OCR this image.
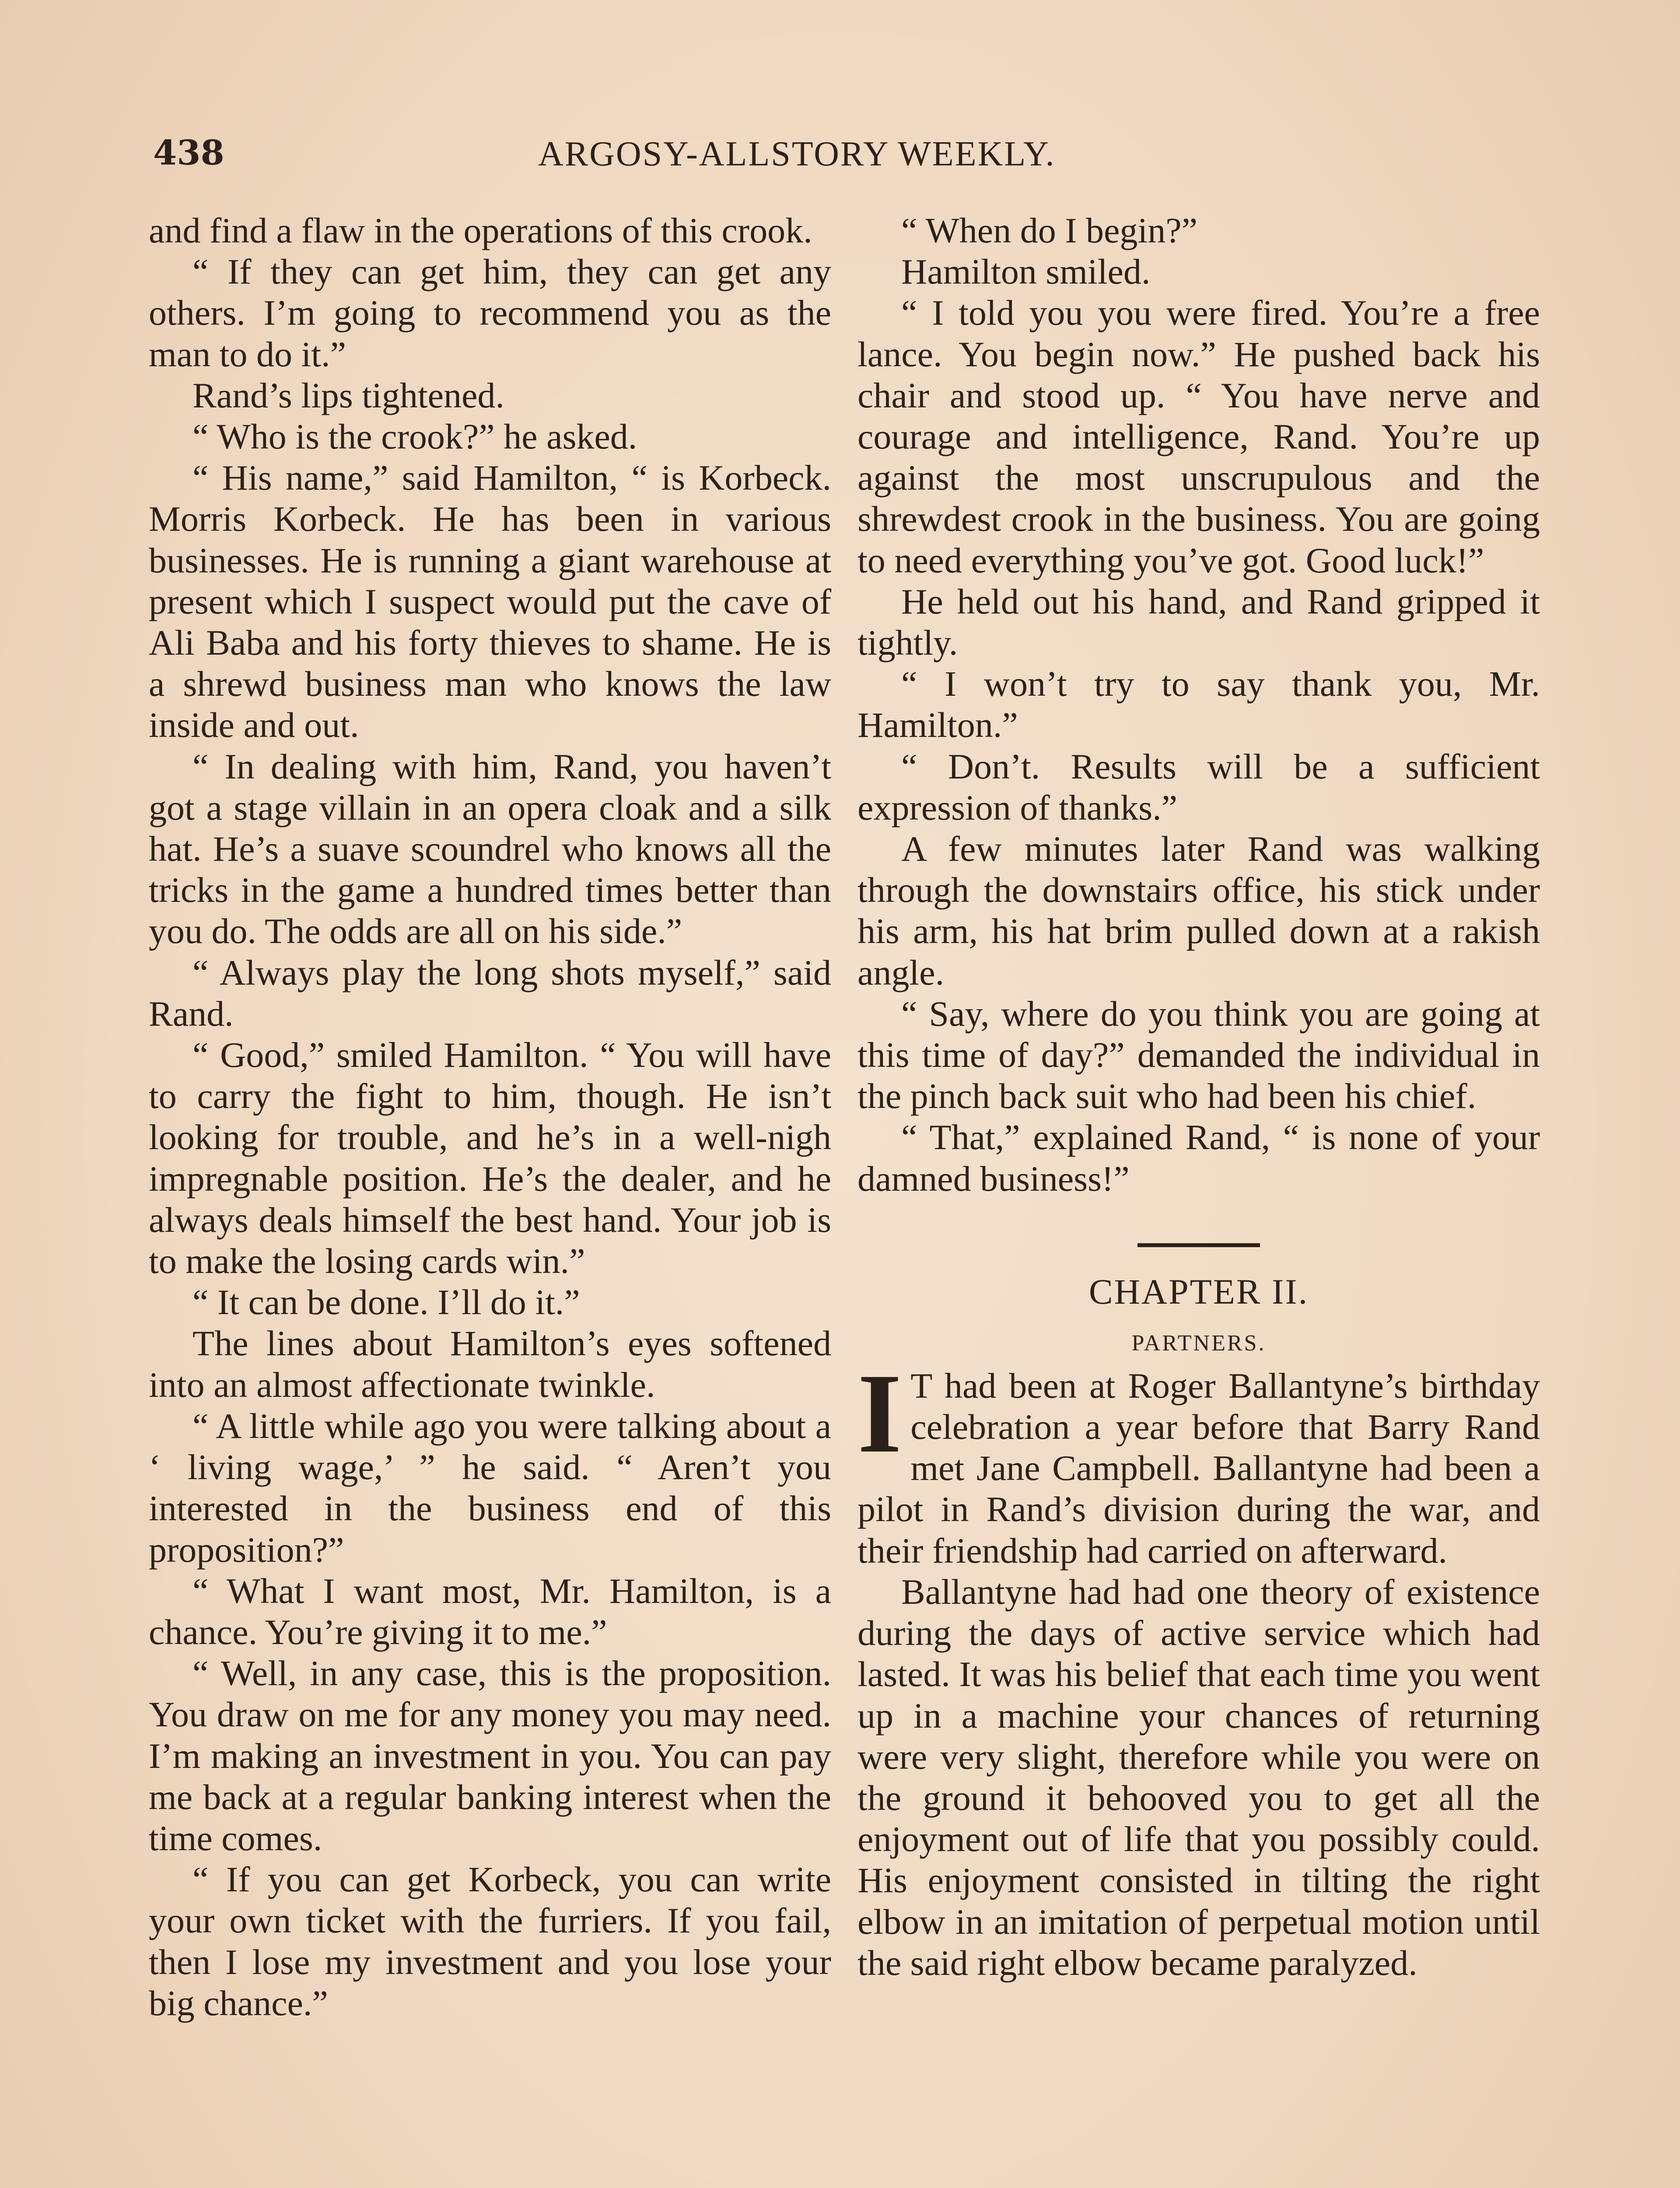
438	ARGOSY-ALLSTORY WEEKLY.

and find a flaw in the operations of this crook.

“ If they can get him, they can get any others. I’m going to recommend you as the man to do it.”

Rand’s lips tightened.

“ Who is the crook?” he asked.

“ His name,” said Hamilton, “ is Korbeck. Morris Korbeck. He has been in various businesses. He is running a giant warehouse at present which I suspect would put the cave of Ali Baba and his forty thieves to shame. He is a shrewd business man who knows the law inside and out.

“ In dealing with him, Rand, you haven’t got a stage villain in an opera cloak and a silk hat. He’s a suave scoundrel who knows all the tricks in the game a hundred times better than you do. The odds are all on his side.”

“ Always play the long shots myself,” said Rand.

“ Good,” smiled Hamilton. “ You will have to carry the fight to him, though. He isn’t looking for trouble, and he’s in a well-nigh impregnable position. He’s the dealer, and he always deals himself the best hand. Your job is to make the losing cards win.”

“ It can be done. I’ll do it.”

The lines about Hamilton’s eyes softened into an almost affectionate twinkle.

“ A little while ago you were talking about a ‘ living wage,’ ” he said. “ Aren’t you interested in the business end of this proposition?”

“ What I want most, Mr. Hamilton, is a chance. You’re giving it to me.”

“ Well, in any case, this is the proposition. You draw on me for any money you may need. I’m making an investment in you. You can pay me back at a regular banking interest when the time comes.

“ If you can get Korbeck, you can write your own ticket with the furriers. If you fail, then I lose my investment and you lose your big chance.”

“ When do I begin?”

Hamilton smiled.

“ I told you you were fired. You’re a free lance. You begin now.” He pushed back his chair and stood up. “ You have nerve and courage and intelligence, Rand. You’re up against the most unscrupulous and the shrewdest crook in the business. You are going to need everything you’ve got. Good luck!”

He held out his hand, and Rand gripped it tightly.

“ I won’t try to say thank you, Mr. Hamilton.”

“ Don’t. Results will be a sufficient expression of thanks.”

A few minutes later Rand was walking through the downstairs office, his stick under his arm, his hat brim pulled down at a rakish angle.

“ Say, where do you think you are going at this time of day?” demanded the individual in the pinch back suit who had been his chief.

“ That,” explained Rand, “ is none of your damned business!”

CHAPTER II.
PARTNERS.

I T had been at Roger Ballantyne’s birthday celebration a year before that Barry Rand met Jane Campbell. Ballantyne had been a pilot in Rand’s division during the war, and their friendship had carried on afterward.

Ballantyne had had one theory of existence during the days of active service which had lasted. It was his belief that each time you went up in a machine your chances of returning were very slight, therefore while you were on the ground it behooved you to get all the enjoyment out of life that you possibly could. His enjoyment consisted in tilting the right elbow in an imitation of perpetual motion until the said right elbow became paralyzed.
